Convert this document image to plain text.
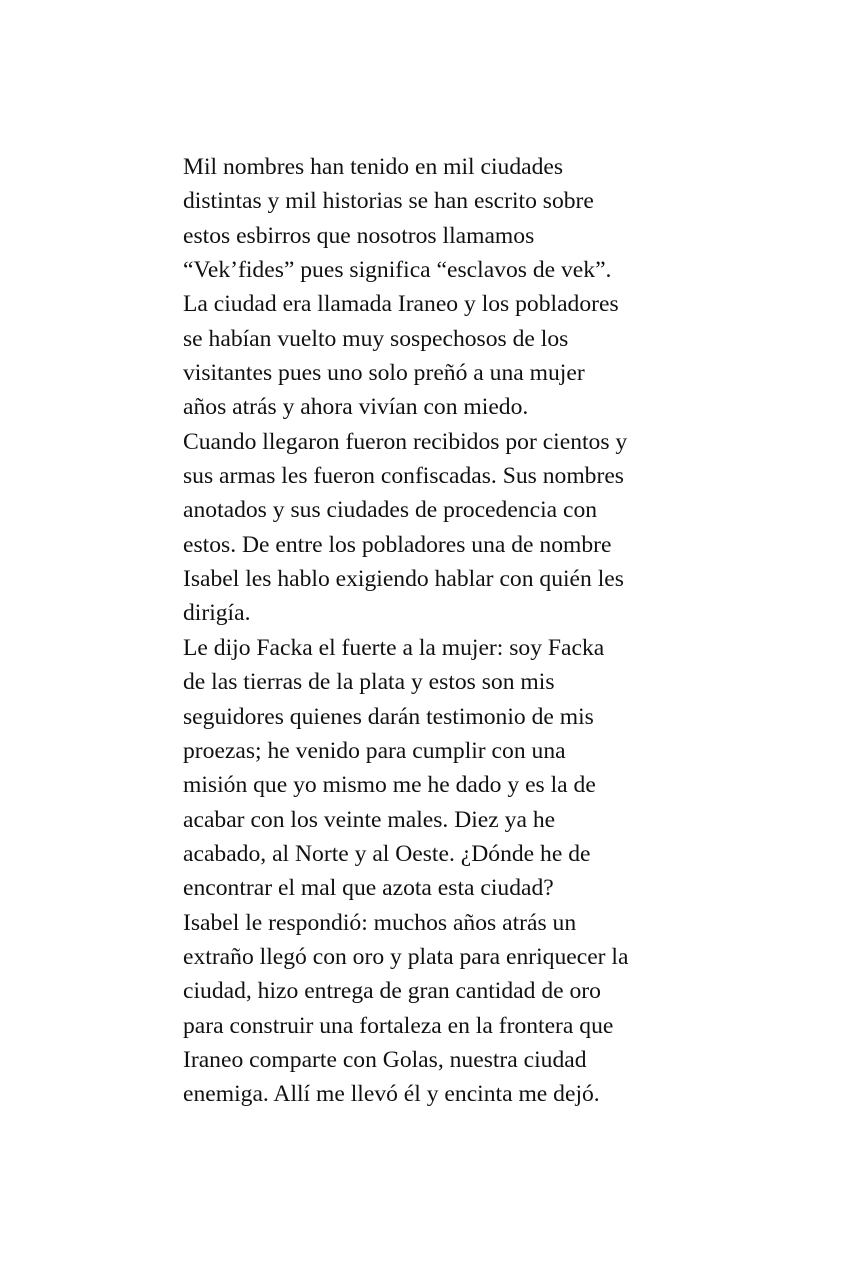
Mil nombres han tenido en mil ciudades
distintas y mil historias se han escrito sobre
estos esbirros que nosotros llamamos
“Vek’fides” pues significa “esclavos de vek”.

La ciudad era llamada Iraneo y los pobladores
se habían vuelto muy sospechosos de los
visitantes pues uno solo preñó a una mujer
años atrás y ahora vivían con miedo.

Cuando llegaron fueron recibidos por cientos y
sus armas les fueron confiscadas. Sus nombres
anotados y sus ciudades de procedencia con
estos. De entre los pobladores una de nombre
Isabel les hablo exigiendo hablar con quién les
dirigía.

Le dijo Facka el fuerte a la mujer: soy Facka
de las tierras de la plata y estos son mis
seguidores quienes darán testimonio de mis
proezas; he venido para cumplir con una
misión que yo mismo me he dado y es la de
acabar con los veinte males. Diez ya he
acabado, al Norte y al Oeste. ¿Dónde he de
encontrar el mal que azota esta ciudad?

Isabel le respondió: muchos años atrás un
extraño llegó con oro y plata para enriquecer la
ciudad, hizo entrega de gran cantidad de oro
para construir una fortaleza en la frontera que
Iraneo comparte con Golas, nuestra ciudad
enemiga. Allí me llevó él y encinta me dejó.
